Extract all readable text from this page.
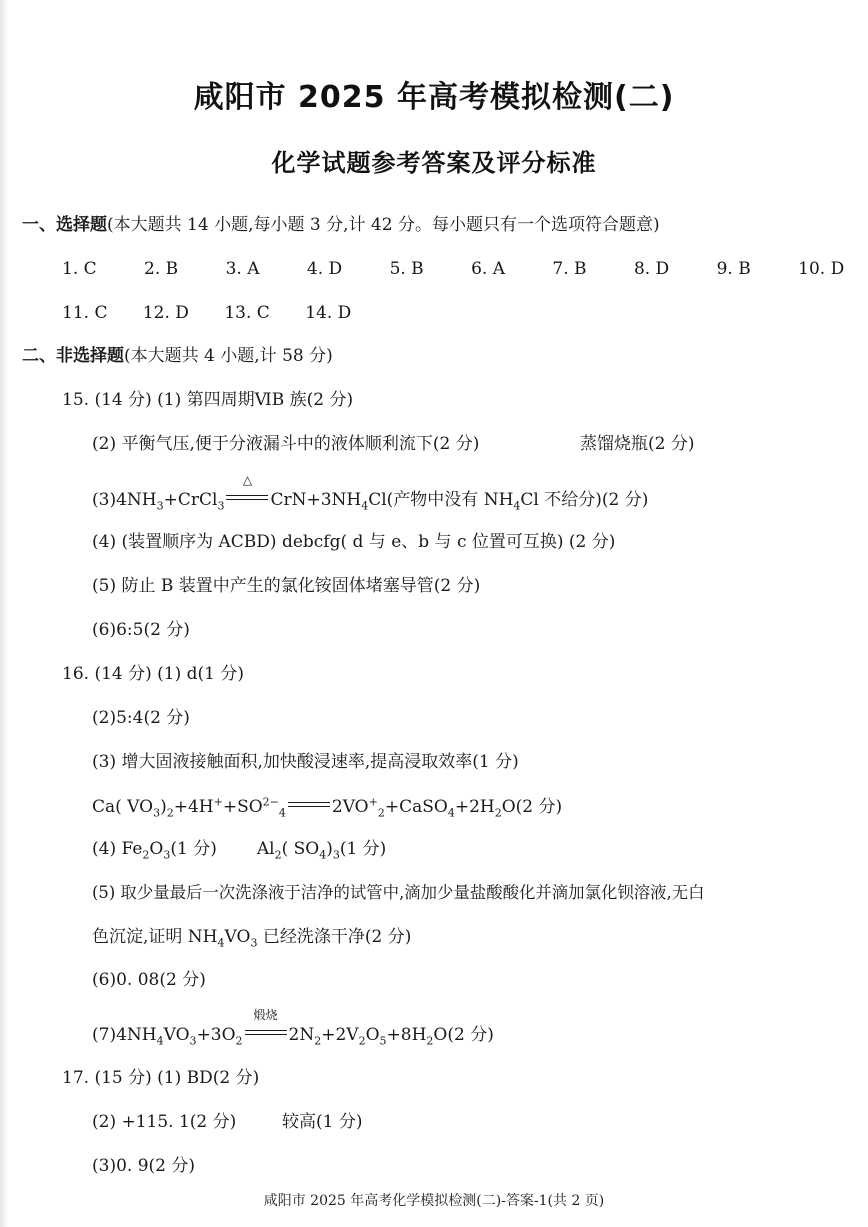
咸阳市 2025 年高考模拟检测(二)
化学试题参考答案及评分标准
一、选择题(本大题共 14 小题,每小题 3 分,计 42 分。每小题只有一个选项符合题意)
1. C	2. B	3. A	4. D	5. B	6. A	7. B	8. D	9. B	10. D
11. C 12. D 13. C 14. D
二、非选择题(本大题共 4 小题,计 58 分)
15. (14 分) (1) 第四周期ⅥB 族(2 分)
(2) 平衡气压,便于分液漏斗中的液体顺利流下(2 分)	蒸馏烧瓶(2 分)
$(3)4NH_3+CrCl_3$
△
$CrN+3NH_4Cl$(产物中没有 $NH_4Cl$ 不给分)(2 分)
(4) (装置顺序为 ACBD) debcfg( d 与 e、b 与 c 位置可互换) (2 分)
(5) 防止 B 装置中产生的氯化铵固体堵塞导管(2 分)
(6)6:5(2 分)
16. (14 分) (1) d(1 分)
(2)5:4(2 分)
(3) 增大固液接触面积,加快酸浸速率,提高浸取效率(1 分)
Ca( $VO_3)_2+4H^++SO^{2-}_4$	$2VO^+_2+CaSO_4+2H_2O(2$ 分)
(4) $Fe_2O_3(1$ 分) $Al_2$( $SO_4)_3(1$ 分)
(5) 取少量最后一次洗涤液于洁净的试管中,滴加少量盐酸酸化并滴加氯化钡溶液,无白
色沉淀,证明 $NH_4VO_3$ 已经洗涤干净(2 分)
(6)0. 08(2 分)
$(7)4NH_4VO_3+3O_2$
煅烧
$2N_2+2V_2O_5+8H_2O(2$ 分)
17. (15 分) (1) BD(2 分)
(2) +115. 1(2 分)	较高(1 分)
(3)0. 9(2 分)
咸阳市 2025 年高考化学模拟检测(二)-答案-1(共 2 页)
